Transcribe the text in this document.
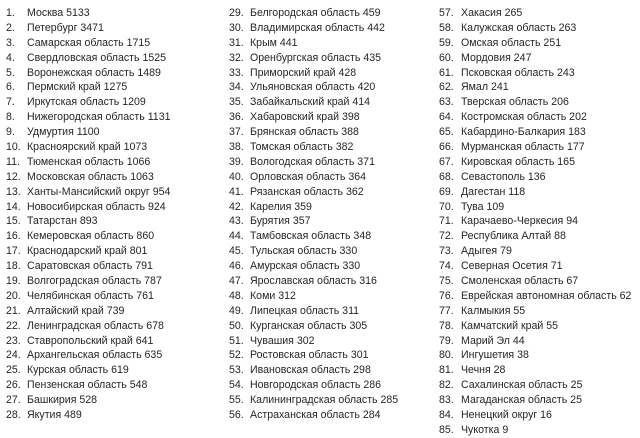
1.	Москва 5133
2.	Петербург 3471
3.	Самарская область 1715
4.	Свердловская область 1525
5.	Воронежская область 1489
6.	Пермский край 1275
7.	Иркутская область 1209
8.	Нижегородская область 1131
9.	Удмуртия 1100
10. Красноярский край 1073
11. Тюменская область 1066
12. Московская область 1063
13. Ханты-Мансийский округ 954
14. Новосибирская область 924
15. Татарстан 893
16. Кемеровская область 860
17. Краснодарский край 801
18. Саратовская область 791
19. Волгоградская область 787
20. Челябинская область 761
21. Алтайский край 739
22. Ленинградская область 678
23. Ставропольский край 641
24. Архангельская область 635
25. Курская область 619
26. Пензенская область 548
27. Башкирия 528
28. Якутия 489
29. Белгородская область 459
30. Владимирская область 442
31. Крым 441
32. Оренбургская область 435
33. Приморский край 428
34. Ульяновская область 420
35. Забайкальский край 414
36. Хабаровский край 398
37. Брянская область 388
38. Томская область 382
39. Вологодская область 371
40. Орловская область 364
41. Рязанская область 362
42. Карелия 359
43. Бурятия 357
44. Тамбовская область 348
45. Тульская область 330
46. Амурская область 330
47. Ярославская область 316
48. Коми 312
49. Липецкая область 311
50. Курганская область 305
51. Чувашия 302
52. Ростовская область 301
53. Ивановская область 298
54. Новгородская область 286
55. Калининградская область 285
56. Астраханская область 284
57. Хакасия 265
58. Калужская область 263
59. Омская область 251
60. Мордовия 247
61. Псковская область 243
62. Ямал 241
63. Тверская область 206
64. Костромская область 202
65. Кабардино-Балкария 183
66. Мурманская область 177
67. Кировская область 165
68. Севастополь 136
69. Дагестан 118
70. Тува 109
71. Карачаево-Черкесия 94
72. Республика Алтай 88
73. Адыгея 79
74. Северная Осетия 71
75. Смоленская область 67
76. Еврейская автономная область 62
77. Калмыкия 55
78. Камчатский край 55
79. Марий Эл 44
80. Ингушетия 38
81. Чечня 28
82. Сахалинская область 25
83. Магаданская область 25
84. Ненецкий округ 16
85. Чукотка 9
